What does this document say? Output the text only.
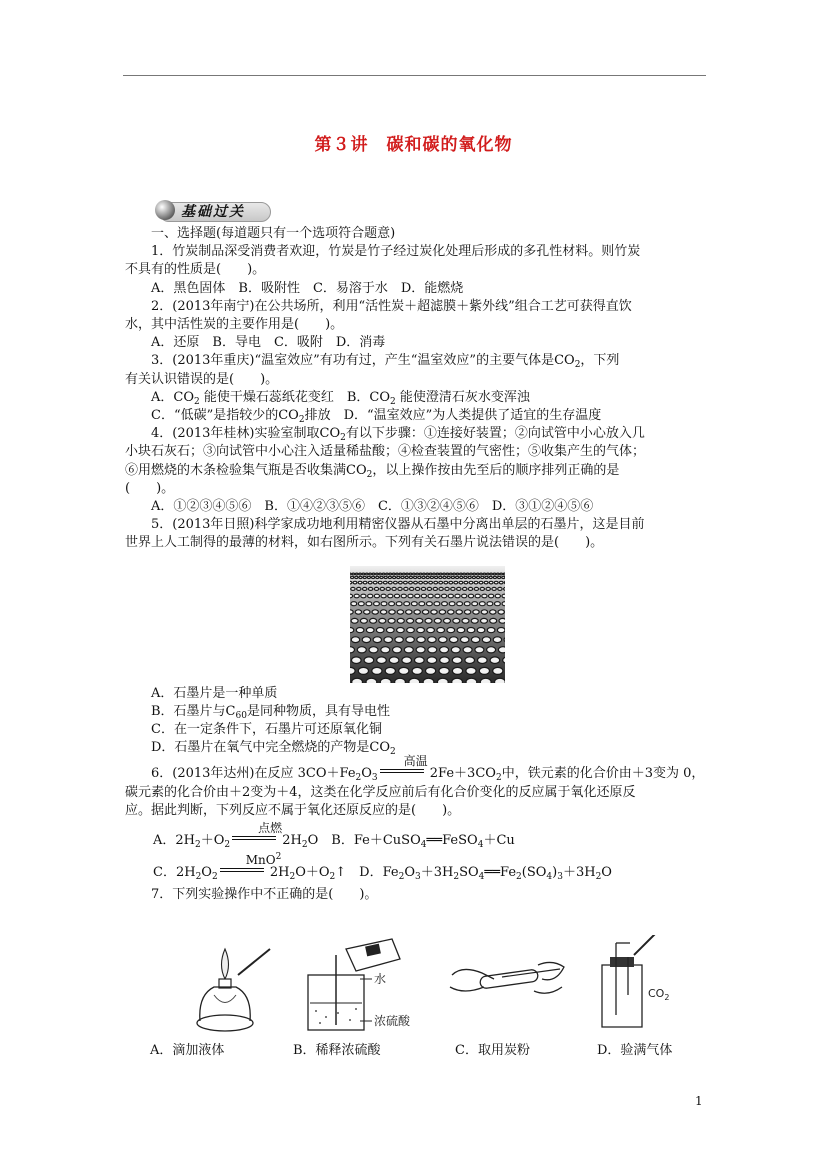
第３讲　碳和碳的氧化物
基础过关

一、选择题(每道题只有一个选项符合题意)

1．竹炭制品深受消费者欢迎，竹炭是竹子经过炭化处理后形成的多孔性材料。则竹炭

不具有的性质是(　　)。

A．黑色固体　B．吸附性　C．易溶于水　D．能燃烧

2．(2013年南宁)在公共场所，利用“活性炭＋超滤膜＋紫外线”组合工艺可获得直饮

水，其中活性炭的主要作用是(　　)。

A．还原　B．导电　C．吸附　D．消毒

3．(2013年重庆)“温室效应”有功有过，产生“温室效应”的主要气体是$CO_2$，下列

有关认识错误的是(　　)。

A．$CO_2$ 能使干燥石蕊纸花变红　B．$CO_2$ 能使澄清石灰水变浑浊

C．“低碳”是指较少的$CO_2$排放　D．“温室效应”为人类提供了适宜的生存温度

4．(2013年桂林)实验室制取$CO_2$有以下步骤：①连接好装置；②向试管中小心放入几

小块石灰石；③向试管中小心注入适量稀盐酸；④检查装置的气密性；⑤收集产生的气体；

⑥用燃烧的木条检验集气瓶是否收集满$CO_2$，以上操作按由先至后的顺序排列正确的是

(　　)。

A．①②③④⑤⑥　B．①④②③⑤⑥　C．①③②④⑤⑥　D．③①②④⑤⑥

5．(2013年日照)科学家成功地利用精密仪器从石墨中分离出单层的石墨片，这是目前

世界上人工制得的最薄的材料，如右图所示。下列有关石墨片说法错误的是(　　)。

A．石墨片是一种单质

B．石墨片与$C_{60}$是同种物质，具有导电性

C．在一定条件下，石墨片可还原氧化铜

D．石墨片在氧气中完全燃烧的产物是$CO_2$

6．(2013年达州)在反应 $3CO+Fe_2O_3$
高温
$2Fe+3CO_2$中，铁元素的化合价由＋3变为 0，

碳元素的化合价由＋2变为＋4，这类在化学反应前后有化合价变化的反应属于氧化还原反

应。据此判断，下列反应不属于氧化还原反应的是(　　)。

A．$2H_2+O_2$
点燃
$2H_2O$　B．Fe＋CuSO$_4$══FeSO$_4$＋Cu

C．$2H_2O_2$
MnO$^2$
$2H_2O+O_2↑$　D．$Fe_2O_3+3H_2SO_4══Fe_2(SO_4)_3+3H_2O$

7．下列实验操作中不正确的是(　　)。

水
浓硫酸
$CO_2$
A．滴加液体	B．稀释浓硫酸	C．取用炭粉	D．验满气体
1
